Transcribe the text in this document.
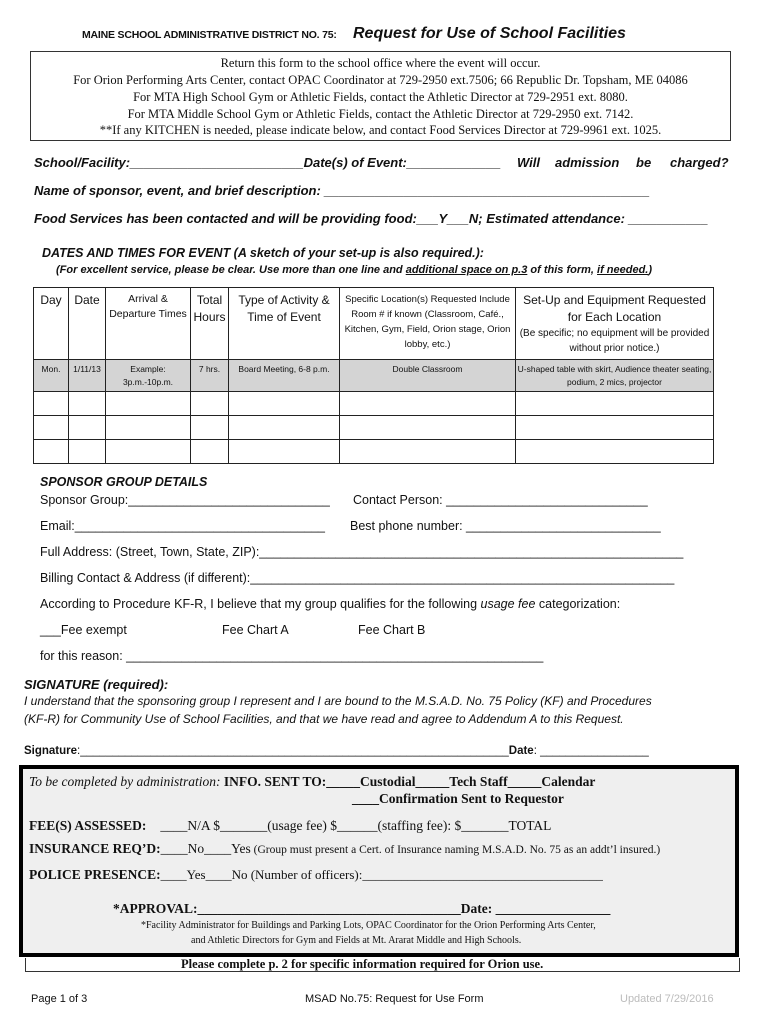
MAINE SCHOOL ADMINISTRATIVE DISTRICT NO. 75: Request for Use of School Facilities
Return this form to the school office where the event will occur.
For Orion Performing Arts Center, contact OPAC Coordinator at 729-2950 ext.7506; 66 Republic Dr. Topsham, ME 04086
For MTA High School Gym or Athletic Fields, contact the Athletic Director at 729-2951 ext. 8080.
For MTA Middle School Gym or Athletic Fields, contact the Athletic Director at 729-2950 ext. 7142.
**If any KITCHEN is needed, please indicate below, and contact Food Services Director at 729-9961 ext. 1025.
School/Facility:________________________Date(s) of Event:_____________ Will admission be charged?
Name of sponsor, event, and brief description: _____________________________________________
Food Services has been contacted and will be providing food:___Y___N; Estimated attendance: ___________
DATES AND TIMES FOR EVENT (A sketch of your set-up is also required.):
(For excellent service, please be clear. Use more than one line and additional space on p.3 of this form, if needed.)
Day	Date	Arrival & Departure Times	Total Hours	Type of Activity & Time of Event	Specific Location(s) Requested Include Room # if known (Classroom, Café., Kitchen, Gym, Field, Orion stage, Orion lobby, etc.)	Set-Up and Equipment Requested for Each Location
(Be specific; no equipment will be provided without prior notice.)

Mon.	1/11/13	Example: 3p.m.-10p.m.	7 hrs.	Board Meeting, 6-8 p.m.	Double Classroom	U-shaped table with skirt, Audience theater seating, podium, 2 mics, projector

SPONSOR GROUP DETAILS
Sponsor Group:_____________________________ Contact Person: _____________________________
Email:____________________________________ Best phone number: ____________________________
Full Address: (Street, Town, State, ZIP):_____________________________________________________________
Billing Contact & Address (if different):_____________________________________________________________
According to Procedure KF-R, I believe that my group qualifies for the following usage fee categorization:
___Fee exempt	Fee Chart A	Fee Chart B
for this reason: ____________________________________________________________
SIGNATURE (required):
I understand that the sponsoring group I represent and I are bound to the M.S.A.D. No. 75 Policy (KF) and Procedures
(KF-R) for Community Use of School Facilities, and that we have read and agree to Addendum A to this Request.
Signature:___________________________________________________________________Date: _________________
To be completed by administration: INFO. SENT TO:_____Custodial_____Tech Staff_____Calendar
____Confirmation Sent to Requestor
FEE(S) ASSESSED: ____N/A $_______(usage fee) $______(staffing fee): $_______TOTAL
INSURANCE REQ’D:____No____Yes (Group must present a Cert. of Insurance naming M.S.A.D. No. 75 as an addt’l insured.)
POLICE PRESENCE:____Yes____No (Number of officers):_____________________________________
*APPROVAL:_______________________________________Date: _________________
*Facility Administrator for Buildings and Parking Lots, OPAC Coordinator for the Orion Performing Arts Center,
and Athletic Directors for Gym and Fields at Mt. Ararat Middle and High Schools.
Please complete p. 2 for specific information required for Orion use.
Page 1 of 3	MSAD No.75: Request for Use Form	Updated 7/29/2016
